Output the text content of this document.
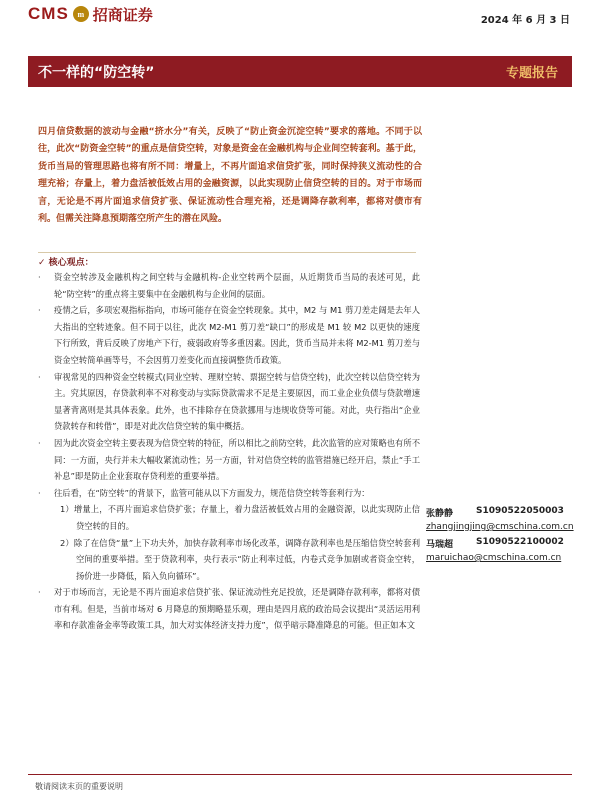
CMS	m 招商证券	2024 年 6 月 3 日
不一样的“防空转”	专题报告
四月信贷数据的波动与金融“挤水分”有关，反映了“防止资金沉淀空转”要求的落地。不同于以往，此次“防资金空转”的重点是信贷空转，对象是资金在金融机构与企业间空转套利。基于此，货币当局的管理思路也将有所不同：增量上，不再片面追求信贷扩张，同时保持狭义流动性的合理充裕；存量上，着力盘活被低效占用的金融资源，以此实现防止信贷空转的目的。对于市场而言，无论是不再片面追求信贷扩张、保证流动性合理充裕，还是调降存款利率，都将对债市有利。但需关注降息预期落空所产生的潜在风险。
✓ 核心观点：
· 资金空转涉及金融机构之间空转与金融机构-企业空转两个层面，从近期货币当局的表述可见，此轮“防空转”的重点将主要集中在金融机构与企业间的层面。
· 疫情之后，多项宏观指标指向，市场可能存在资金空转现象。其中，M2 与 M1 剪刀差走阔是去年人大指出的空转迹象。但不同于以往，此次 M2-M1 剪刀差“缺口”的形成是 M1 较 M2 以更快的速度下行所致，背后反映了房地产下行，疲弱政府等多重因素。因此，货币当局并未将 M2-M1 剪刀差与资金空转简单画等号，不会因剪刀差变化而直接调整货币政策。
· 审视常见的四种资金空转模式(同业空转、理财空转、票据空转与信贷空转)，此次空转以信贷空转为主。究其原因，存贷款利率不对称变动与实际贷款需求不足是主要原因，而工业企业负债与贷款增速显著背离则是其具体表象。此外，也不排除存在贷款挪用与违规收贷等可能。对此，央行指出“企业贷款转存和转借”，即是对此次信贷空转的集中概括。
· 因为此次资金空转主要表现为信贷空转的特征，所以相比之前防空转，此次监管的应对策略也有所不同：一方面，央行并未大幅收紧流动性；另一方面，针对信贷空转的监管措施已经开启，禁止“手工补息”即是防止企业套取存贷利差的重要举措。
· 往后看，在“防空转”的背景下，监管可能从以下方面发力，规范信贷空转等套利行为：
1）增量上，不再片面追求信贷扩张；存量上，着力盘活被低效占用的金融资源，以此实现防止信贷空转的目的。
2）除了在信贷“量”上下功夫外，加快存款利率市场化改革，调降存款利率也是压缩信贷空转套利空间的重要举措。至于贷款利率，央行表示“防止利率过低，内卷式竞争加剧或者资金空转，扬价进一步降低，陷入负向循环”。
· 对于市场而言，无论是不再片面追求信贷扩张、保证流动性充足投放，还是调降存款利率，都将对债市有利。但是，当前市场对 6 月降息的预期略显乐观，理由是四月底的政治局会议提出“灵活运用利率和存款准备金率等政策工具，加大对实体经济支持力度”，似乎暗示降准降息的可能。但正如本文
张静静	S1090522050003
zhangjingjing@cmschina.com.cn
马瑞超	S1090522100002
maruichao@cmschina.com.cn
敬请阅读末页的重要说明
